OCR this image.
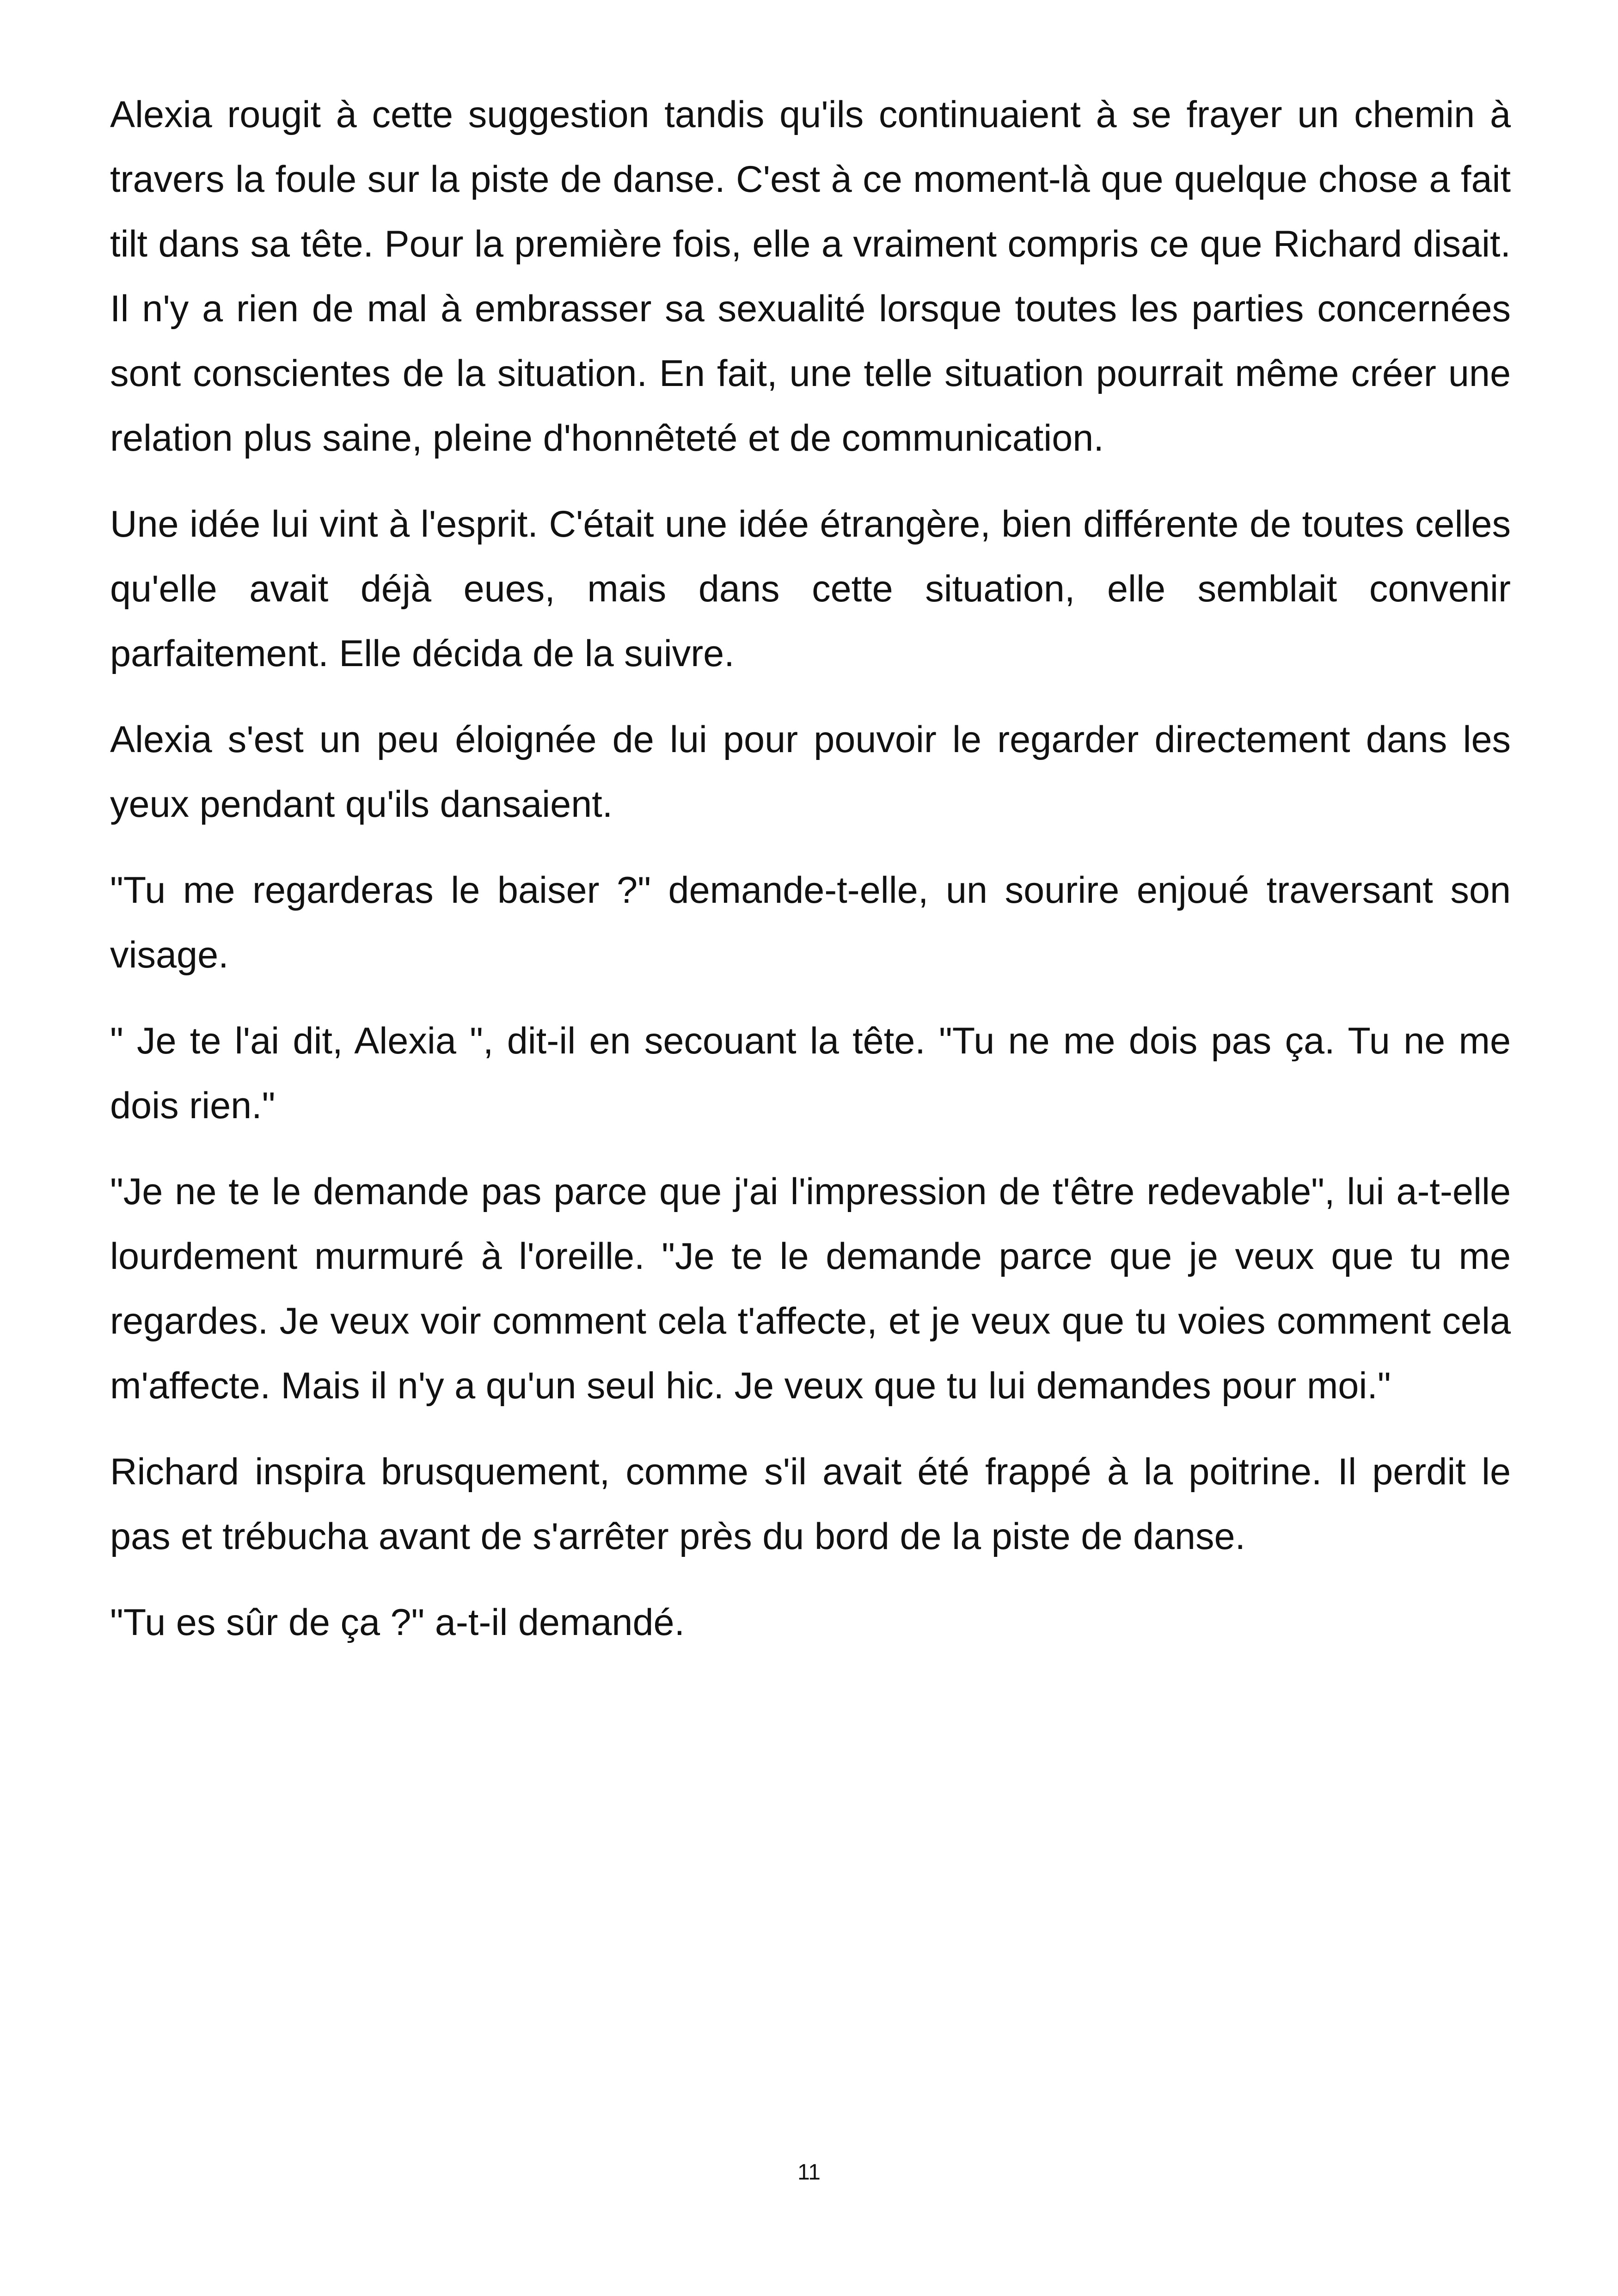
Alexia rougit à cette suggestion tandis qu'ils continuaient à se frayer un chemin à travers la foule sur la piste de danse. C'est à ce moment-là que quelque chose a fait tilt dans sa tête. Pour la première fois, elle a vraiment compris ce que Richard disait. Il n'y a rien de mal à embrasser sa sexualité lorsque toutes les parties concernées sont conscientes de la situation. En fait, une telle situation pourrait même créer une relation plus saine, pleine d'honnêteté et de communication.

Une idée lui vint à l'esprit. C'était une idée étrangère, bien différente de toutes celles qu'elle avait déjà eues, mais dans cette situation, elle semblait convenir parfaitement. Elle décida de la suivre.

Alexia s'est un peu éloignée de lui pour pouvoir le regarder directement dans les yeux pendant qu'ils dansaient.

"Tu me regarderas le baiser ?" demande-t-elle, un sourire enjoué traversant son visage.

" Je te l'ai dit, Alexia ", dit-il en secouant la tête. "Tu ne me dois pas ça. Tu ne me dois rien."

"Je ne te le demande pas parce que j'ai l'impression de t'être redevable", lui a-t-elle lourdement murmuré à l'oreille. "Je te le demande parce que je veux que tu me regardes. Je veux voir comment cela t'affecte, et je veux que tu voies comment cela m'affecte. Mais il n'y a qu'un seul hic. Je veux que tu lui demandes pour moi."

Richard inspira brusquement, comme s'il avait été frappé à la poitrine. Il perdit le pas et trébucha avant de s'arrêter près du bord de la piste de danse.

"Tu es sûr de ça ?" a-t-il demandé.

11
